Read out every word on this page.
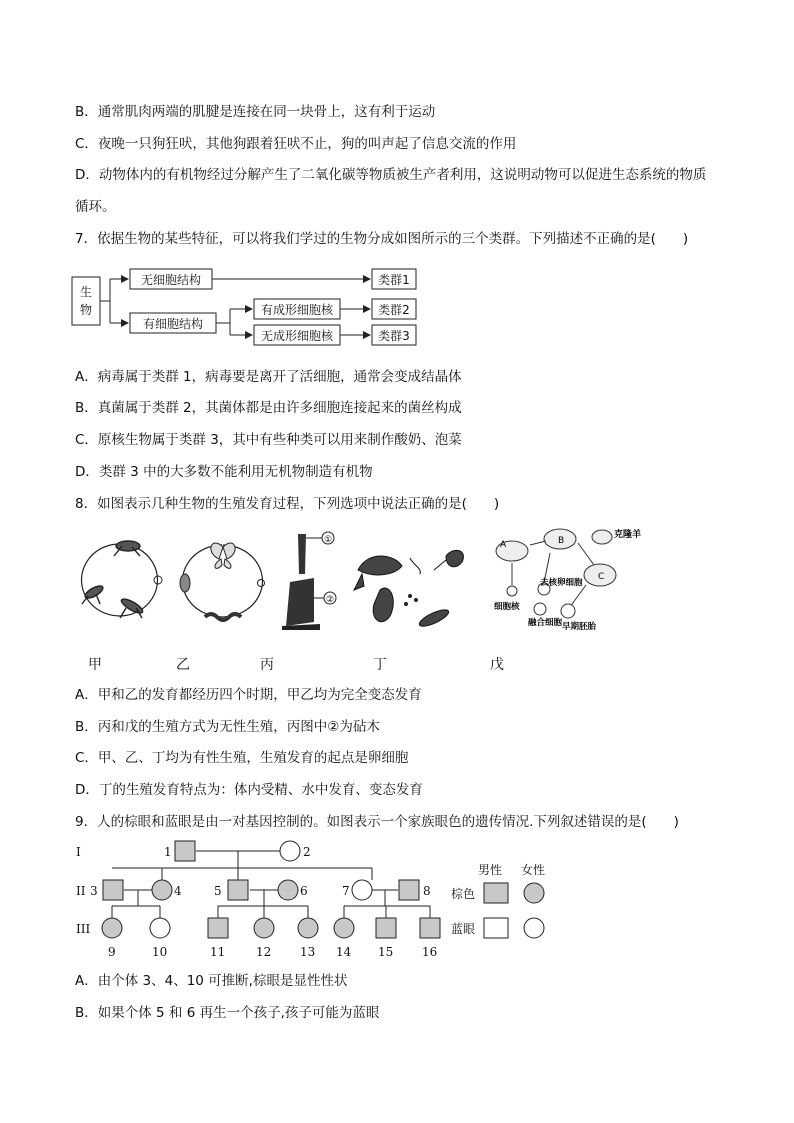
B．通常肌肉两端的肌腱是连接在同一块骨上，这有利于运动
C．夜晚一只狗狂吠，其他狗跟着狂吠不止，狗的叫声起了信息交流的作用
D．动物体内的有机物经过分解产生了二氧化碳等物质被生产者利用，这说明动物可以促进生态系统的物质
循环。
7．依据生物的某些特征，可以将我们学过的生物分成如图所示的三个类群。下列描述不正确的是(　　)
生
物
无细胞结构
有细胞结构
有成形细胞核
无成形细胞核
类群1
类群2
类群3
A．病毒属于类群 1，病毒要是离开了活细胞，通常会变成结晶体
B．真菌属于类群 2，其菌体都是由许多细胞连接起来的菌丝构成
C．原核生物属于类群 3，其中有些种类可以用来制作酸奶、泡菜
D．类群 3 中的大多数不能利用无机物制造有机物
8．如图表示几种生物的生殖发育过程，下列选项中说法正确的是(　　)
①
②
A	B
C
克隆羊
去核卵细胞
细胞核
融合细胞 早期胚胎
甲	乙	丙	丁	戊
A．甲和乙的发育都经历四个时期，甲乙均为完全变态发育
B．丙和戊的生殖方式为无性生殖，丙图中②为砧木
C．甲、乙、丁均为有性生殖，生殖发育的起点是卵细胞
D．丁的生殖发育特点为：体内受精、水中发育、变态发育
9．人的棕眼和蓝眼是由一对基因控制的。如图表示一个家族眼色的遗传情况.下列叙述错误的是(　　)
I
II
III
1	2
3	4	5	6	7	8
9	10	11	12 13 14 15 16
男性 女性
棕色
蓝眼
A．由个体 3、4、10 可推断,棕眼是显性性状
B．如果个体 5 和 6 再生一个孩子,孩子可能为蓝眼
